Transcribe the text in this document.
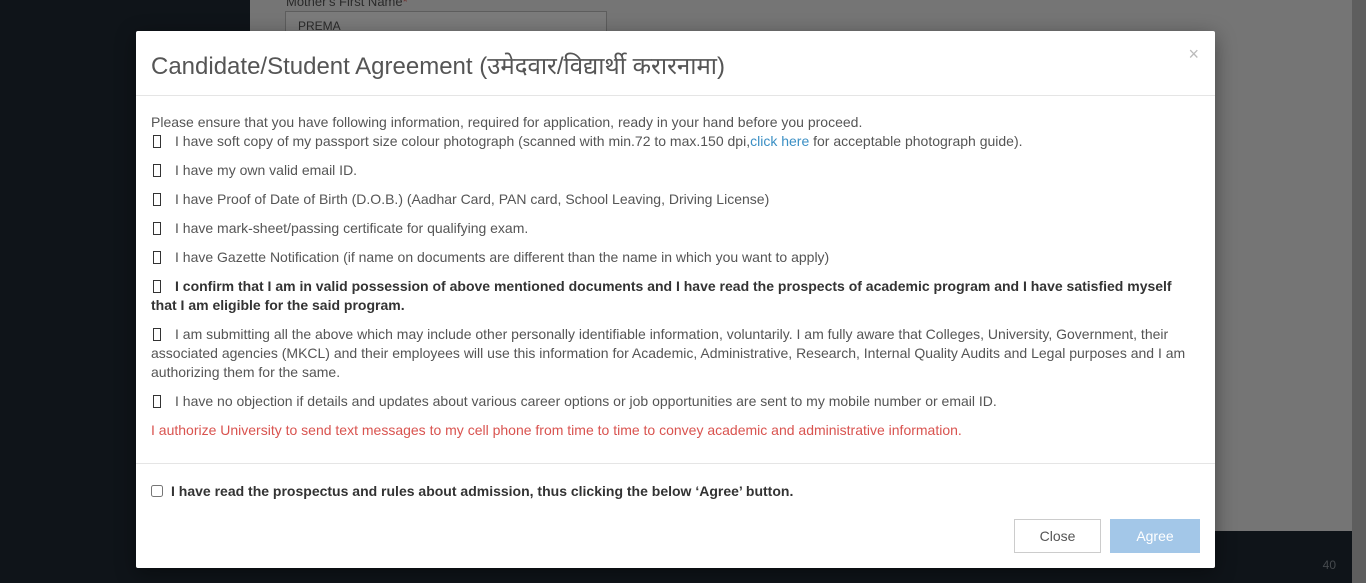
Candidate/Student Agreement (उमेदवार/विद्यार्थी करारनामा)	×
Please ensure that you have following information, required for application, ready in your hand before you proceed.
I have soft copy of my passport size colour photograph (scanned with min.72 to max.150 dpi,click here for acceptable photograph guide).
I have my own valid email ID.
I have Proof of Date of Birth (D.O.B.) (Aadhar Card, PAN card, School Leaving, Driving License)
I have mark-sheet/passing certificate for qualifying exam.
I have Gazette Notification (if name on documents are different than the name in which you want to apply)
I confirm that I am in valid possession of above mentioned documents and I have read the prospects of academic program and I have satisfied myself that I am eligible for the said program.
I am submitting all the above which may include other personally identifiable information, voluntarily. I am fully aware that Colleges, University, Government, their associated agencies (MKCL) and their employees will use this information for Academic, Administrative, Research, Internal Quality Audits and Legal purposes and I am authorizing them for the same.
I have no objection if details and updates about various career options or job opportunities are sent to my mobile number or email ID.
I authorize University to send text messages to my cell phone from time to time to convey academic and administrative information.
I have read the prospectus and rules about admission, thus clicking the below ‘Agree’ button.
Close	Agree
